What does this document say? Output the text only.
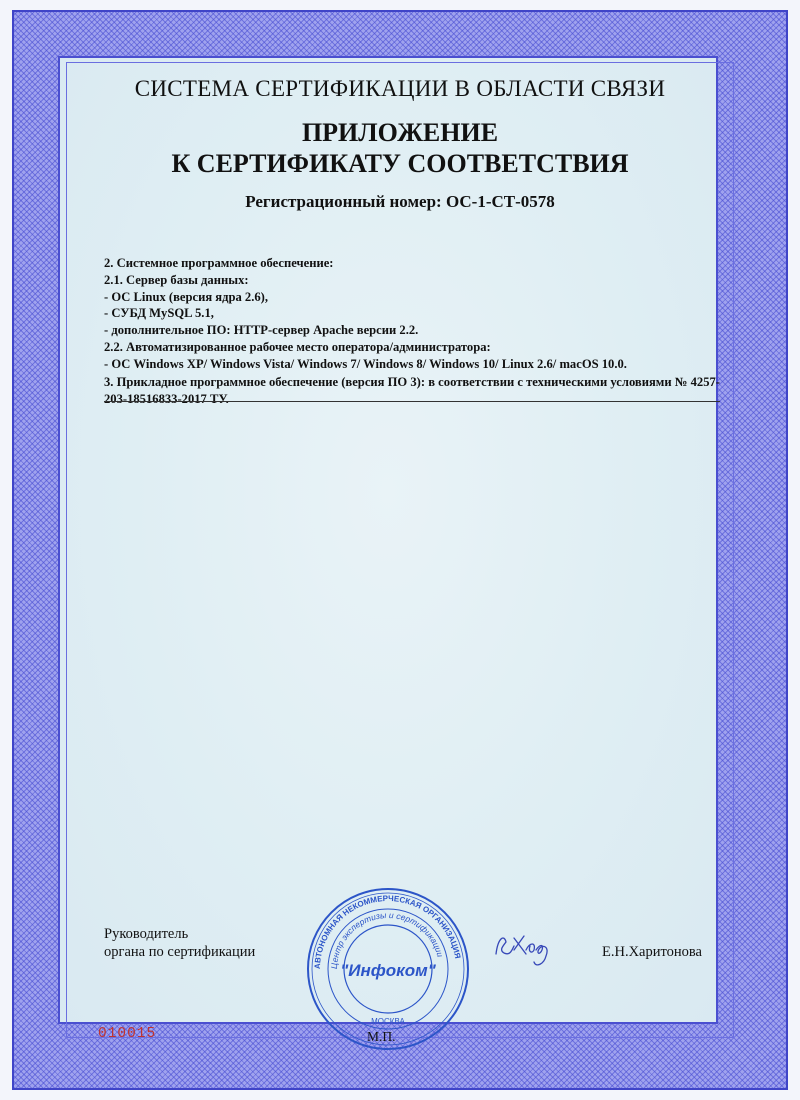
СИСТЕМА СЕРТИФИКАЦИИ В ОБЛАСТИ СВЯЗИ
ПРИЛОЖЕНИЕ
К СЕРТИФИКАТУ СООТВЕТСТВИЯ
Регистрационный номер: ОС-1-СТ-0578
2. Системное программное обеспечение:
2.1. Сервер базы данных:
- ОС Linux (версия ядра 2.6),
- СУБД MySQL 5.1,
- дополнительное ПО: HTTP-сервер Apache версии 2.2.
2.2. Автоматизированное рабочее место оператора/администратора:
- ОС Windows XP/ Windows Vista/ Windows 7/ Windows 8/ Windows 10/ Linux 2.6/ macOS 10.0.
3. Прикладное программное обеспечение (версия ПО 3): в соответствии с техническими условиями № 4257-203-18516833-2017 ТУ.
Руководитель
органа по сертификации	Е.Н.Харитонова
АВТОНОМНАЯ НЕКОММЕРЧЕСКАЯ ОРГАНИЗАЦИЯ
Центр экспертизы и сертификации
"Инфоком"
МОСКВА
М.П.
010015
